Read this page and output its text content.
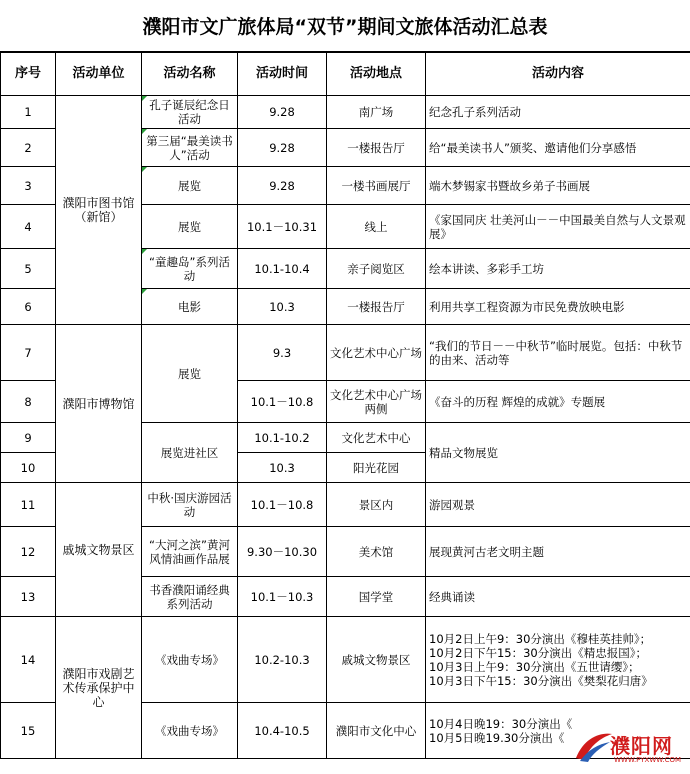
濮阳市文广旅体局“双节”期间文旅体活动汇总表
序号	活动单位	活动名称	活动时间	活动地点	活动内容
1	濮阳市图书馆（新馆）	孔子诞辰纪念日活动	9.28	南广场	纪念孔子系列活动
2		第三届“最美读书人”活动	9.28	一楼报告厅	给“最美读书人”颁奖、邀请他们分享感悟
3		展览	9.28	一楼书画展厅	端木梦锡家书暨故乡弟子书画展
4		展览	10.1－10.31	线上	《家国同庆 壮美河山－－中国最美自然与人文景观展》
5		“童趣岛”系列活动	10.1-10.4	亲子阅览区	绘本讲读、多彩手工坊
6		电影	10.3	一楼报告厅	利用共享工程资源为市民免费放映电影
7	濮阳市博物馆	展览	9.3	文化艺术中心广场	“我们的节日－－中秋节”临时展览。包括：中秋节的由来、活动等
8			10.1－10.8	文化艺术中心广场两侧	《奋斗的历程 辉煌的成就》专题展
9		展览进社区	10.1-10.2	文化艺术中心	精品文物展览
10			10.3	阳光花园	
11	戚城文物景区	中秋·国庆游园活动	10.1－10.8	景区内	游园观景
12		“大河之滨”黄河风情油画作品展	9.30－10.30	美术馆	展现黄河古老文明主题
13		书香濮阳诵经典系列活动	10.1－10.3	国学堂	经典诵读
14	濮阳市戏剧艺术传承保护中心	《戏曲专场》	10.2-10.3	戚城文物景区	10月2日上午9：30分演出《穆桂英挂帅》；
10月2日下午15：30分演出《精忠报国》；
10月3日上午9：30分演出《五世请缨》；
10月3日下午15：30分演出《樊梨花归唐》

15		《戏曲专场》	10.4-10.5	濮阳市文化中心	10月4日晚19：30分演出《
10月5日晚19.30分演出《	濮阳网
WWW.PYXWW.COM
